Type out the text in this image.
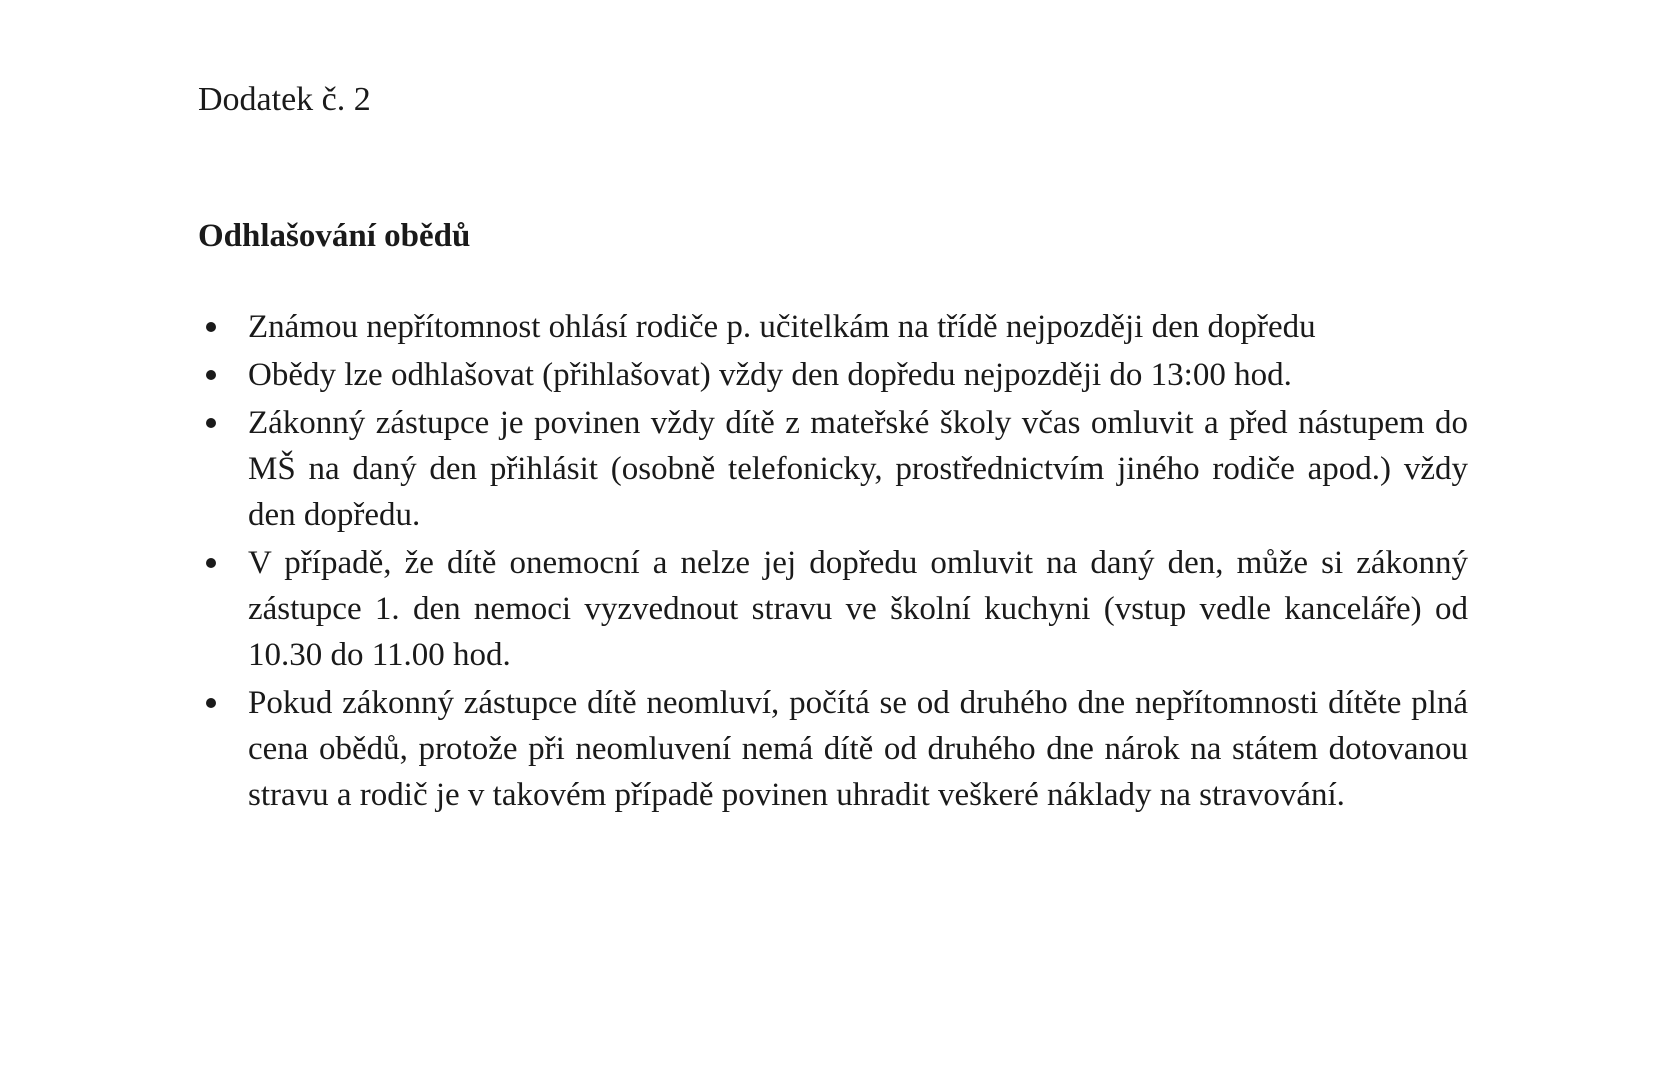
Dodatek č. 2
Odhlašování obědů
Známou nepřítomnost ohlásí rodiče p. učitelkám na třídě nejpozději den dopředu
Obědy lze odhlašovat (přihlašovat) vždy den dopředu nejpozději do 13:00 hod.
Zákonný zástupce je povinen vždy dítě z mateřské školy včas omluvit a před nástupem do MŠ na daný den přihlásit (osobně telefonicky, prostřednictvím jiného rodiče apod.) vždy den dopředu.
V případě, že dítě onemocní a nelze jej dopředu omluvit na daný den, může si zákonný zástupce 1. den nemoci vyzvednout stravu ve školní kuchyni (vstup vedle kanceláře) od 10.30 do 11.00 hod.
Pokud zákonný zástupce dítě neomluví, počítá se od druhého dne nepřítomnosti dítěte plná cena obědů, protože při neomluvení nemá dítě od druhého dne nárok na státem dotovanou stravu a rodič je v takovém případě povinen uhradit veškeré náklady na stravování.
